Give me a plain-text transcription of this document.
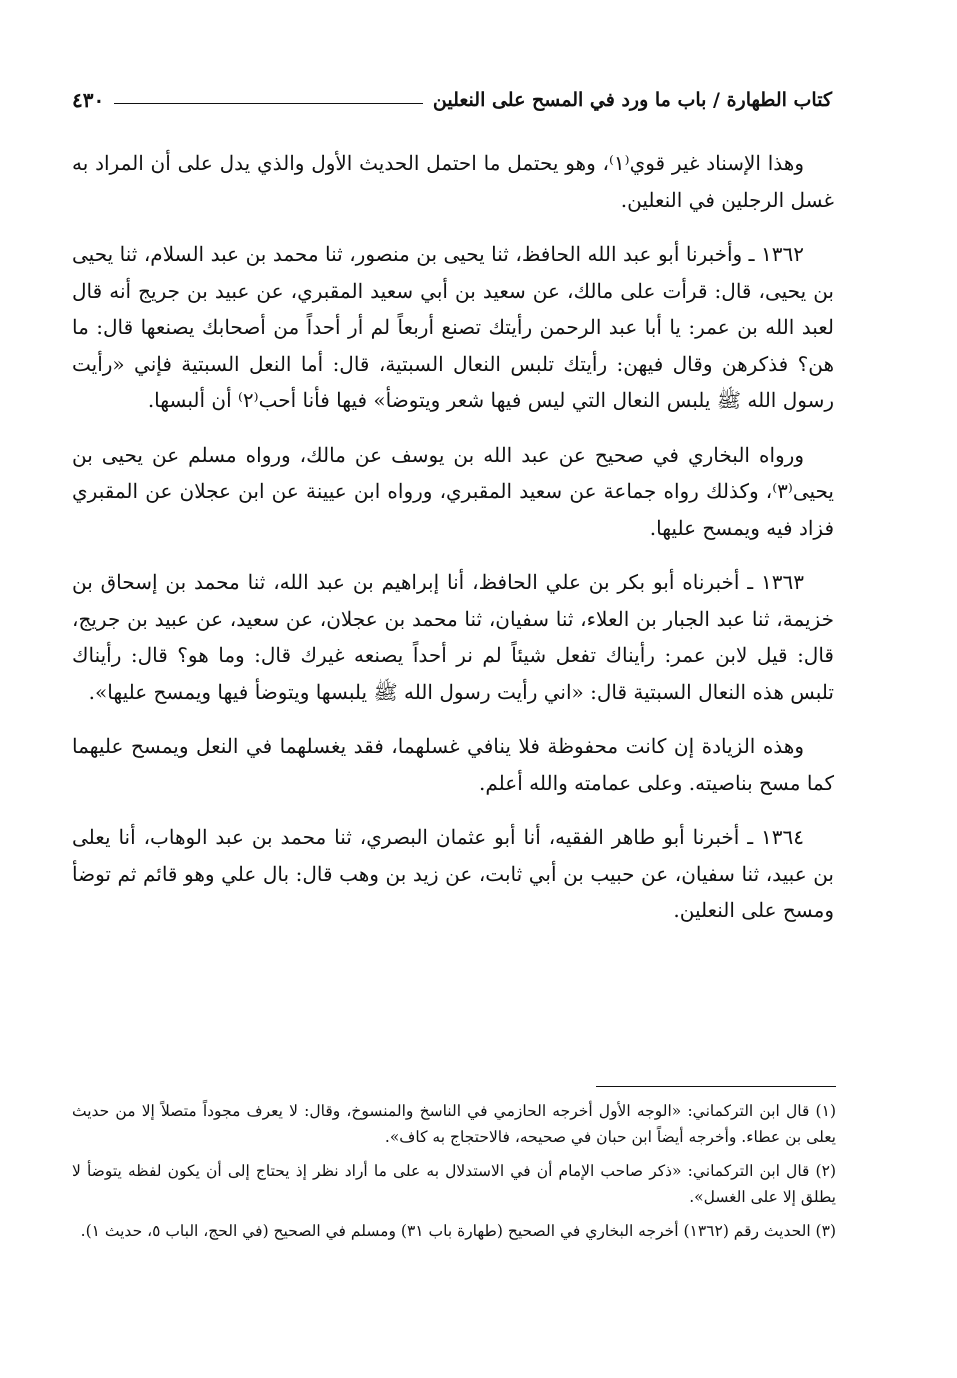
كتاب الطهارة / باب ما ورد في المسح على النعلين
٤٣٠

وهذا الإسناد غير قوي⁽١⁾، وهو يحتمل ما احتمل الحديث الأول والذي يدل على أن المراد به غسل الرجلين في النعلين.

١٣٦٢ ـ وأخبرنا أبو عبد الله الحافظ، ثنا يحيى بن منصور، ثنا محمد بن عبد السلام، ثنا يحيى بن يحيى، قال: قرأت على مالك، عن سعيد بن أبي سعيد المقبري، عن عبيد بن جريج أنه قال لعبد الله بن عمر: يا أبا عبد الرحمن رأيتك تصنع أربعاً لم أر أحداً من أصحابك يصنعها قال: ما هن؟ فذكرهن وقال فيهن: رأيتك تلبس النعال السبتية، قال: أما النعل السبتية فإني «رأيت رسول الله ﷺ يلبس النعال التي ليس فيها شعر ويتوضأ» فيها فأنا أحب⁽٢⁾ أن ألبسها.

ورواه البخاري في صحيح عن عبد الله بن يوسف عن مالك، ورواه مسلم عن يحيى بن يحيى⁽٣⁾، وكذلك رواه جماعة عن سعيد المقبري، ورواه ابن عيينة عن ابن عجلان عن المقبري فزاد فيه ويمسح عليها.

١٣٦٣ ـ أخبرناه أبو بكر بن علي الحافظ، أنا إبراهيم بن عبد الله، ثنا محمد بن إسحاق بن خزيمة، ثنا عبد الجبار بن العلاء، ثنا سفيان، ثنا محمد بن عجلان، عن سعيد، عن عبيد بن جريج، قال: قيل لابن عمر: رأيناك تفعل شيئاً لم نر أحداً يصنعه غيرك قال: وما هو؟ قال: رأيناك تلبس هذه النعال السبتية قال: «اني رأيت رسول الله ﷺ يلبسها ويتوضأ فيها ويمسح عليها».

وهذه الزيادة إن كانت محفوظة فلا ينافي غسلهما، فقد يغسلهما في النعل ويمسح عليهما كما مسح بناصيته. وعلى عمامته والله أعلم.

١٣٦٤ ـ أخبرنا أبو طاهر الفقيه، أنا أبو عثمان البصري، ثنا محمد بن عبد الوهاب، أنا يعلى بن عبيد، ثنا سفيان، عن حبيب بن أبي ثابت، عن زيد بن وهب قال: بال علي وهو قائم ثم توضأ ومسح على النعلين.

(١) قال ابن التركماني: «الوجه الأول أخرجه الحازمي في الناسخ والمنسوخ، وقال: لا يعرف مجوداً متصلاً إلا من حديث يعلى بن عطاء. وأخرجه أيضاً ابن حبان في صحيحه، فالاحتجاج به كاف».

(٢) قال ابن التركماني: «ذكر صاحب الإمام أن في الاستدلال به على ما أراد نظر إذ يحتاج إلى أن يكون لفظه يتوضأ لا يطلق إلا على الغسل».

(٣) الحديث رقم (١٣٦٢) أخرجه البخاري في الصحيح (طهارة باب ٣١) ومسلم في الصحيح (في الحج، الباب ٥، حديث ١).
